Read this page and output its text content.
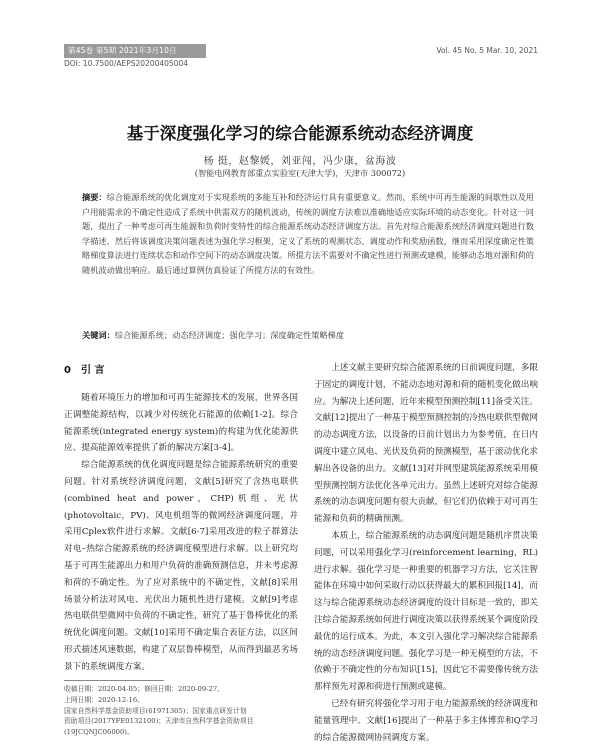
第45卷 第5期 2021年3月10日	Vol. 45 No. 5 Mar. 10, 2021
DOI: 10.7500/AEPS20200405004
基于深度强化学习的综合能源系统动态经济调度
杨 挺，赵黎媛，刘亚闯，冯少康，盆海波
(智能电网教育部重点实验室(天津大学)，天津市 300072)
摘要：综合能源系统的优化调度对于实现系统的多能互补和经济运行具有重要意义。然而，系统中可再生能源的间歇性以及用户用能需求的不确定性造成了系统中供需双方的随机波动，传统的调度方法难以准确地适应实际环境的动态变化。针对这一问题，提出了一种考虑可再生能源和负荷时变特性的综合能源系统动态经济调度方法。首先对综合能源系统经济调度问题进行数学描述，然后将该调度决策问题表述为强化学习框架，定义了系统的观测状态、调度动作和奖励函数，继而采用深度确定性策略梯度算法进行连续状态和动作空间下的动态调度决策。所提方法不需要对不确定性进行预测或建模，能够动态地对源和荷的随机波动做出响应。最后通过算例仿真验证了所提方法的有效性。
关键词：综合能源系统；动态经济调度；强化学习；深度确定性策略梯度
0 引 言

随着环境压力的增加和可再生能源技术的发展，世界各国正调整能源结构，以减少对传统化石能源的依赖[1-2]。综合能源系统(integrated energy system)的构建为优化能源供应、提高能源效率提供了新的解决方案[3-4]。

综合能源系统的优化调度问题是综合能源系统研究的重要问题。针对系统经济调度问题，文献[5]研究了含热电联供(combined heat and power，CHP)机组、光伏(photovoltaic，PV)、风电机组等的微网经济调度问题，并采用Cplex软件进行求解。文献[6-7]采用改进的粒子群算法对电–热综合能源系统的经济调度模型进行求解。以上研究均基于可再生能源出力和用户负荷的准确预测信息，并未考虑源和荷的不确定性。为了应对系统中的不确定性，文献[8]采用场景分析法对风电、光伏出力随机性进行建模。文献[9]考虑热电联供型微网中负荷的不确定性，研究了基于鲁棒优化的系统优化调度问题。文献[10]采用不确定集合表征方法，以区间形式描述风速数据，构建了双层鲁棒模型，从而得到最恶劣场景下的系统调度方案。

上述文献主要研究综合能源系统的日前调度问题，多限于固定的调度计划，不能动态地对源和荷的随机变化做出响应。为解决上述问题，近年来模型预测控制[11]备受关注。文献[12]提出了一种基于模型预测控制的冷热电联供型微网的动态调度方法，以设备的日前计划出力为参考值，在日内调度中建立风电、光伏及负荷的预测模型，基于滚动优化求解出各设备的出力。文献[13]对并网型建筑能源系统采用模型预测控制方法优化各单元出力。虽然上述研究对综合能源系统的动态调度问题有很大贡献，但它们仍依赖于对可再生能源和负荷的精确预测。

本质上，综合能源系统的动态调度问题是随机序贯决策问题，可以采用强化学习(reinforcement learning，RL)进行求解。强化学习是一种重要的机器学习方法，它关注智能体在环境中如何采取行动以获得最大的累积回报[14]，而这与综合能源系统动态经济调度的设计目标是一致的，即关注综合能源系统如何进行调度决策以获得系统某个调度阶段最优的运行成本。为此，本文引入强化学习解决综合能源系统的动态经济调度问题。强化学习是一种无模型的方法，不依赖于不确定性的分布知识[15]，因此它不需要像传统方法那样预先对源和荷进行预测或建模。

已经有研究将强化学习用于电力能源系统的经济调度和能量管理中。文献[16]提出了一种基于多主体博弈和Q学习的综合能源微网协同调度方案。

收稿日期：2020-04-05；修回日期：2020-09-27。
上网日期：2020-12-16。
国家自然科学基金资助项目(61971305)；国家重点研发计划
资助项目(2017YFE0132100)；天津市自然科学基金资助项目
(19JCQNJC06000)。
